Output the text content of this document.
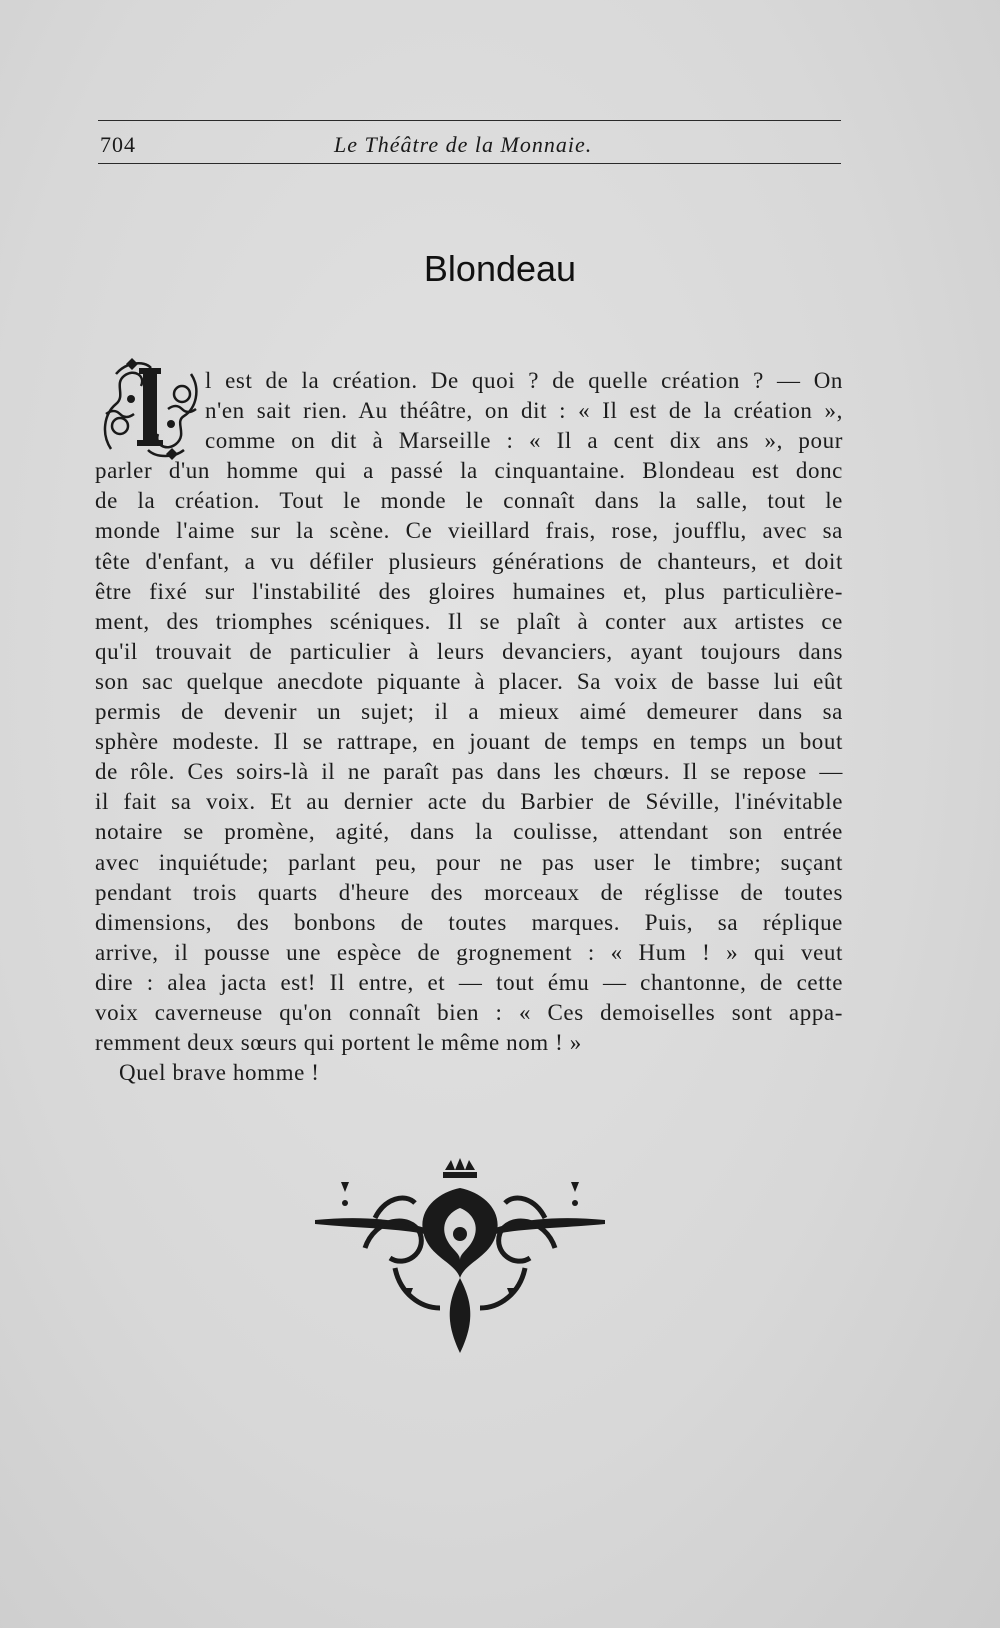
704	Le Théâtre de la Monnaie.
Blondeau
l est de la création. De quoi ? de quelle création ? — On
n'en sait rien. Au théâtre, on dit : « Il est de la création »,
comme on dit à Marseille : « Il a cent dix ans », pour
parler d'un homme qui a passé la cinquantaine. Blondeau est donc
de la création. Tout le monde le connaît dans la salle, tout le
monde l'aime sur la scène. Ce vieillard frais, rose, joufflu, avec sa
tête d'enfant, a vu défiler plusieurs générations de chanteurs, et doit
être fixé sur l'instabilité des gloires humaines et, plus particulière-
ment, des triomphes scéniques. Il se plaît à conter aux artistes ce
qu'il trouvait de particulier à leurs devanciers, ayant toujours dans
son sac quelque anecdote piquante à placer. Sa voix de basse lui eût
permis de devenir un sujet; il a mieux aimé demeurer dans sa
sphère modeste. Il se rattrape, en jouant de temps en temps un bout
de rôle. Ces soirs-là il ne paraît pas dans les chœurs. Il se repose —
il fait sa voix. Et au dernier acte du Barbier de Séville, l'inévitable
notaire se promène, agité, dans la coulisse, attendant son entrée
avec inquiétude; parlant peu, pour ne pas user le timbre; suçant
pendant trois quarts d'heure des morceaux de réglisse de toutes
dimensions, des bonbons de toutes marques. Puis, sa réplique
arrive, il pousse une espèce de grognement : « Hum ! » qui veut
dire : alea jacta est! Il entre, et — tout ému — chantonne, de cette
voix caverneuse qu'on connaît bien : « Ces demoiselles sont appa-
remment deux sœurs qui portent le même nom ! »
Quel brave homme !
